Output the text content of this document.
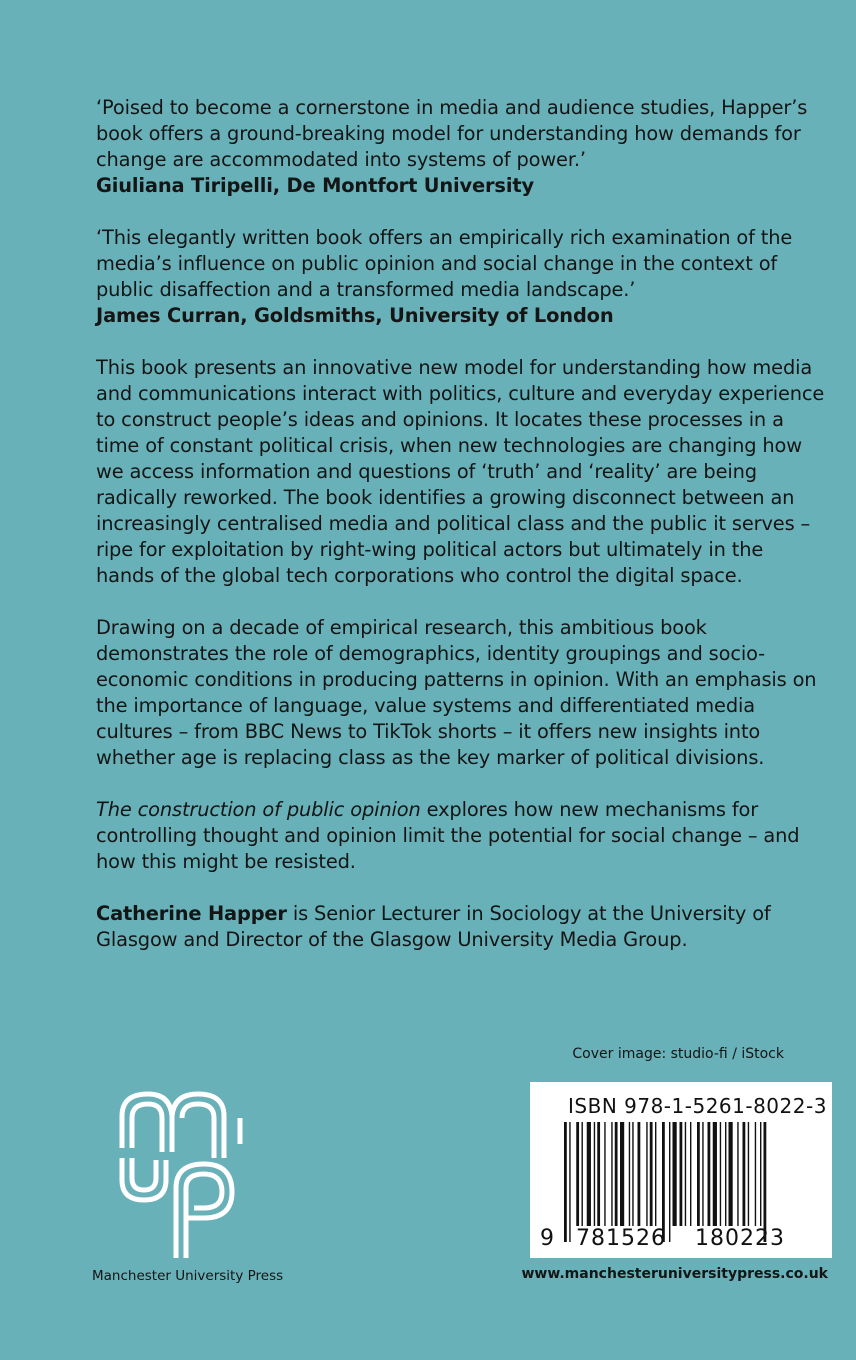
‘Poised to become a cornerstone in media and audience studies, Happer’s book offers a ground-breaking model for understanding how demands for change are accommodated into systems of power.’
Giuliana Tiripelli, De Montfort University

‘This elegantly written book offers an empirically rich examination of the media’s influence on public opinion and social change in the context of public disaffection and a transformed media landscape.’
James Curran, Goldsmiths, University of London

This book presents an innovative new model for understanding how media and communications interact with politics, culture and everyday experience to construct people’s ideas and opinions. It locates these processes in a time of constant political crisis, when new technologies are changing how we access information and questions of ‘truth’ and ‘reality’ are being radically reworked. The book identifies a growing disconnect between an increasingly centralised media and political class and the public it serves – ripe for exploitation by right-wing political actors but ultimately in the hands of the global tech corporations who control the digital space.

Drawing on a decade of empirical research, this ambitious book demonstrates the role of demographics, identity groupings and socio-economic conditions in producing patterns in opinion. With an emphasis on the importance of language, value systems and differentiated media cultures – from BBC News to TikTok shorts – it offers new insights into whether age is replacing class as the key marker of political divisions.

The construction of public opinion explores how new mechanisms for controlling thought and opinion limit the potential for social change – and how this might be resisted.

Catherine Happer is Senior Lecturer in Sociology at the University of Glasgow and Director of the Glasgow University Media Group.

Cover image: studio-fi / iStock
ISBN 978-1-5261-8022-3
9 781526 180223
www.manchesteruniversitypress.co.uk
MUP
Manchester University Press
